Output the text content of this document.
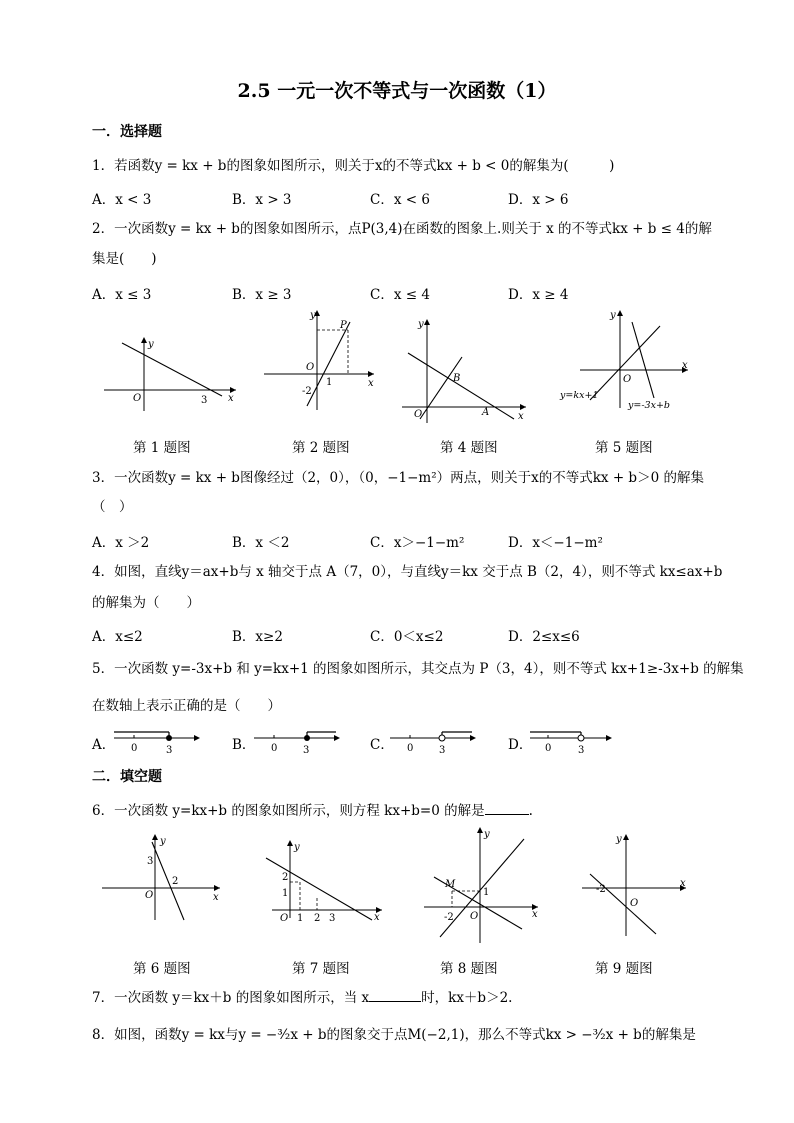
2.5 一元一次不等式与一次函数（1）
一．选择题
1．若函数y = kx + b的图象如图所示，则关于x的不等式kx + b < 0的解集为(　　　)
A．x < 3	B．x > 3	C．x < 6	D．x > 6
2．一次函数y = kx + b的图象如图所示，点P(3,4)在函数的图象上.则关于 x 的不等式kx + b ≤ 4的解
集是(　　)
A．x ≤ 3	B．x ≥ 3	C．x ≤ 4	D．x ≥ 4
y
x
O	3
y
x
O
P
1
-2
y
x
O
B
A
y
x
O
y=kx+1
y=-3x+b
第 1 题图	第 2 题图	第 4 题图	第 5 题图
3．一次函数y = kx + b图像经过（2，0），（0，−1−m²）两点，则关于x的不等式kx + b＞0 的解集
（　）
A．x ＞2	B．x ＜2	C．x＞−1−m²	D．x＜−1−m²
4．如图，直线y＝ax+b与 x 轴交于点 A（7，0），与直线y＝kx 交于点 B（2，4），则不等式 kx≤ax+b
的解集为（　　）
A．x≤2	B．x≥2	C．0＜x≤2	D．2≤x≤6
5．一次函数 y=-3x+b 和 y=kx+1 的图象如图所示，其交点为 P（3，4），则不等式 kx+1≥-3x+b 的解集
在数轴上表示正确的是（　　）
A． 0	3	B． 0	3	C． 0	3	D． 0	3
二．填空题
6．一次函数 y=kx+b 的图象如图所示，则方程 kx+b=0 的解是	.
y
x
O
3
2
y
x
O
2
1
1 2 3
y
x
O
M
-2
1
y
x
O
-2
第 6 题图	第 7 题图	第 8 题图	第 9 题图
7．一次函数 y＝kx＋b 的图象如图所示，当 x	时，kx＋b＞2.
8．如图，函数y = kx与y = −³⁄₂x + b的图象交于点M(−2,1)，那么不等式kx > −³⁄₂x + b的解集是
